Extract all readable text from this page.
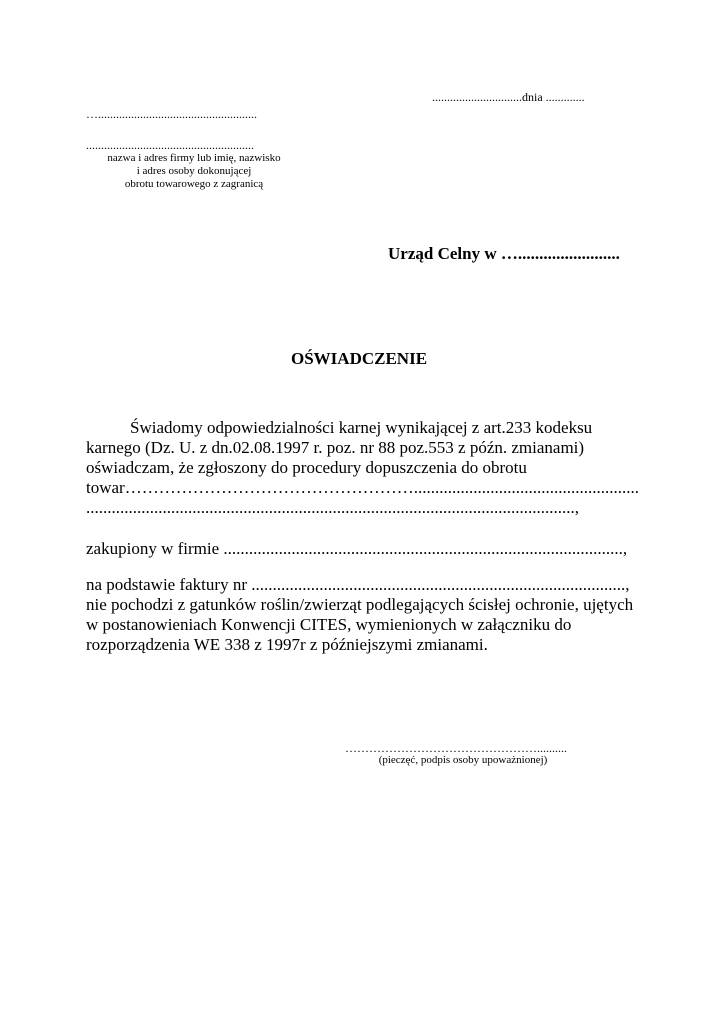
..............................dnia .............
….....................................................
........................................................
nazwa i adres firmy lub imię, nazwisko
i adres osoby dokonującej
obrotu towarowego z zagranicą
Urząd Celny w …........................
OŚWIADCZENIE
Świadomy odpowiedzialności karnej wynikającej z art.233 kodeksu
karnego (Dz. U. z dn.02.08.1997 r. poz. nr 88 poz.553 z późn. zmianami)
oświadczam, że zgłoszony do procedury dopuszczenia do obrotu
towar…………………………………………….....................................................
...................................................................................................................,
zakupiony w firmie ..............................................................................................,
na podstawie faktury nr ........................................................................................,
nie pochodzi z gatunków roślin/zwierząt podlegających ścisłej ochronie, ujętych
w postanowieniach Konwencji CITES, wymienionych w załączniku do
rozporządzenia WE 338 z 1997r z późniejszymi zmianami.
…………………………………………..........
(pieczęć, podpis osoby upoważnionej)
